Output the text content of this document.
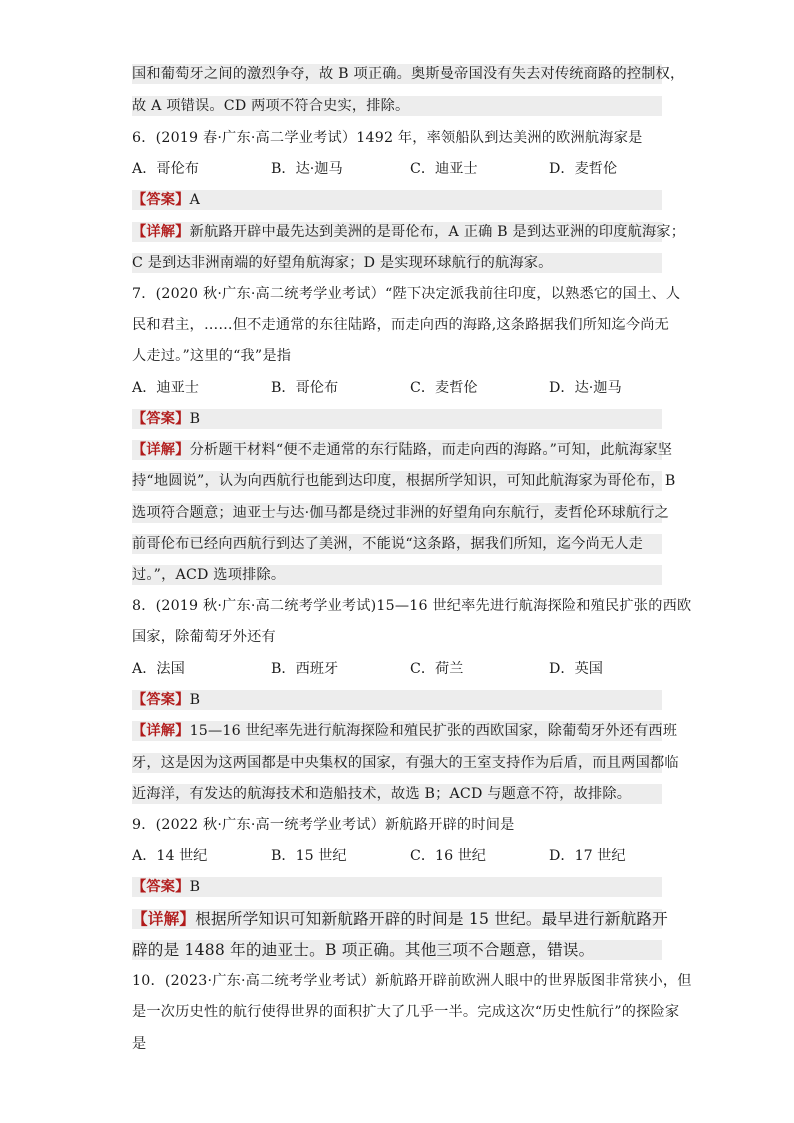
国和葡萄牙之间的激烈争夺，故 B 项正确。奥斯曼帝国没有失去对传统商路的控制权，
故 A 项错误。CD 两项不符合史实，排除。
6．(2019 春·广东·高二学业考试）1492 年，率领船队到达美洲的欧洲航海家是
A．哥伦布	B．达·迦马	C．迪亚士	D．麦哲伦
【答案】A
【详解】新航路开辟中最先达到美洲的是哥伦布，A 正确 B 是到达亚洲的印度航海家；
C 是到达非洲南端的好望角航海家；D 是实现环球航行的航海家。
7．(2020 秋·广东·高二统考学业考试）“陛下决定派我前往印度，以熟悉它的国土、人
民和君主，……但不走通常的东往陆路，而走向西的海路,这条路据我们所知迄今尚无
人走过。”这里的“我”是指
A．迪亚士	B．哥伦布	C．麦哲伦	D．达·迦马
【答案】B
【详解】分析题干材料“便不走通常的东行陆路，而走向西的海路。”可知，此航海家坚
持“地圆说”，认为向西航行也能到达印度，根据所学知识，可知此航海家为哥伦布，B
选项符合题意；迪亚士与达·伽马都是绕过非洲的好望角向东航行，麦哲伦环球航行之
前哥伦布已经向西航行到达了美洲，不能说“这条路，据我们所知，迄今尚无人走
过。”，ACD 选项排除。
8．(2019 秋·广东·高二统考学业考试)15—16 世纪率先进行航海探险和殖民扩张的西欧
国家，除葡萄牙外还有
A．法国	B．西班牙	C．荷兰	D．英国
【答案】B
【详解】15—16 世纪率先进行航海探险和殖民扩张的西欧国家，除葡萄牙外还有西班
牙，这是因为这两国都是中央集权的国家，有强大的王室支持作为后盾，而且两国都临
近海洋，有发达的航海技术和造船技术，故选 B；ACD 与题意不符，故排除。
9．(2022 秋·广东·高一统考学业考试）新航路开辟的时间是
A．14 世纪	B．15 世纪	C．16 世纪	D．17 世纪
【答案】B
【详解】根据所学知识可知新航路开辟的时间是 15 世纪。最早进行新航路开
辟的是 1488 年的迪亚士。B 项正确。其他三项不合题意，错误。
10．(2023·广东·高二统考学业考试）新航路开辟前欧洲人眼中的世界版图非常狭小，但
是一次历史性的航行使得世界的面积扩大了几乎一半。完成这次“历史性航行”的探险家
是
